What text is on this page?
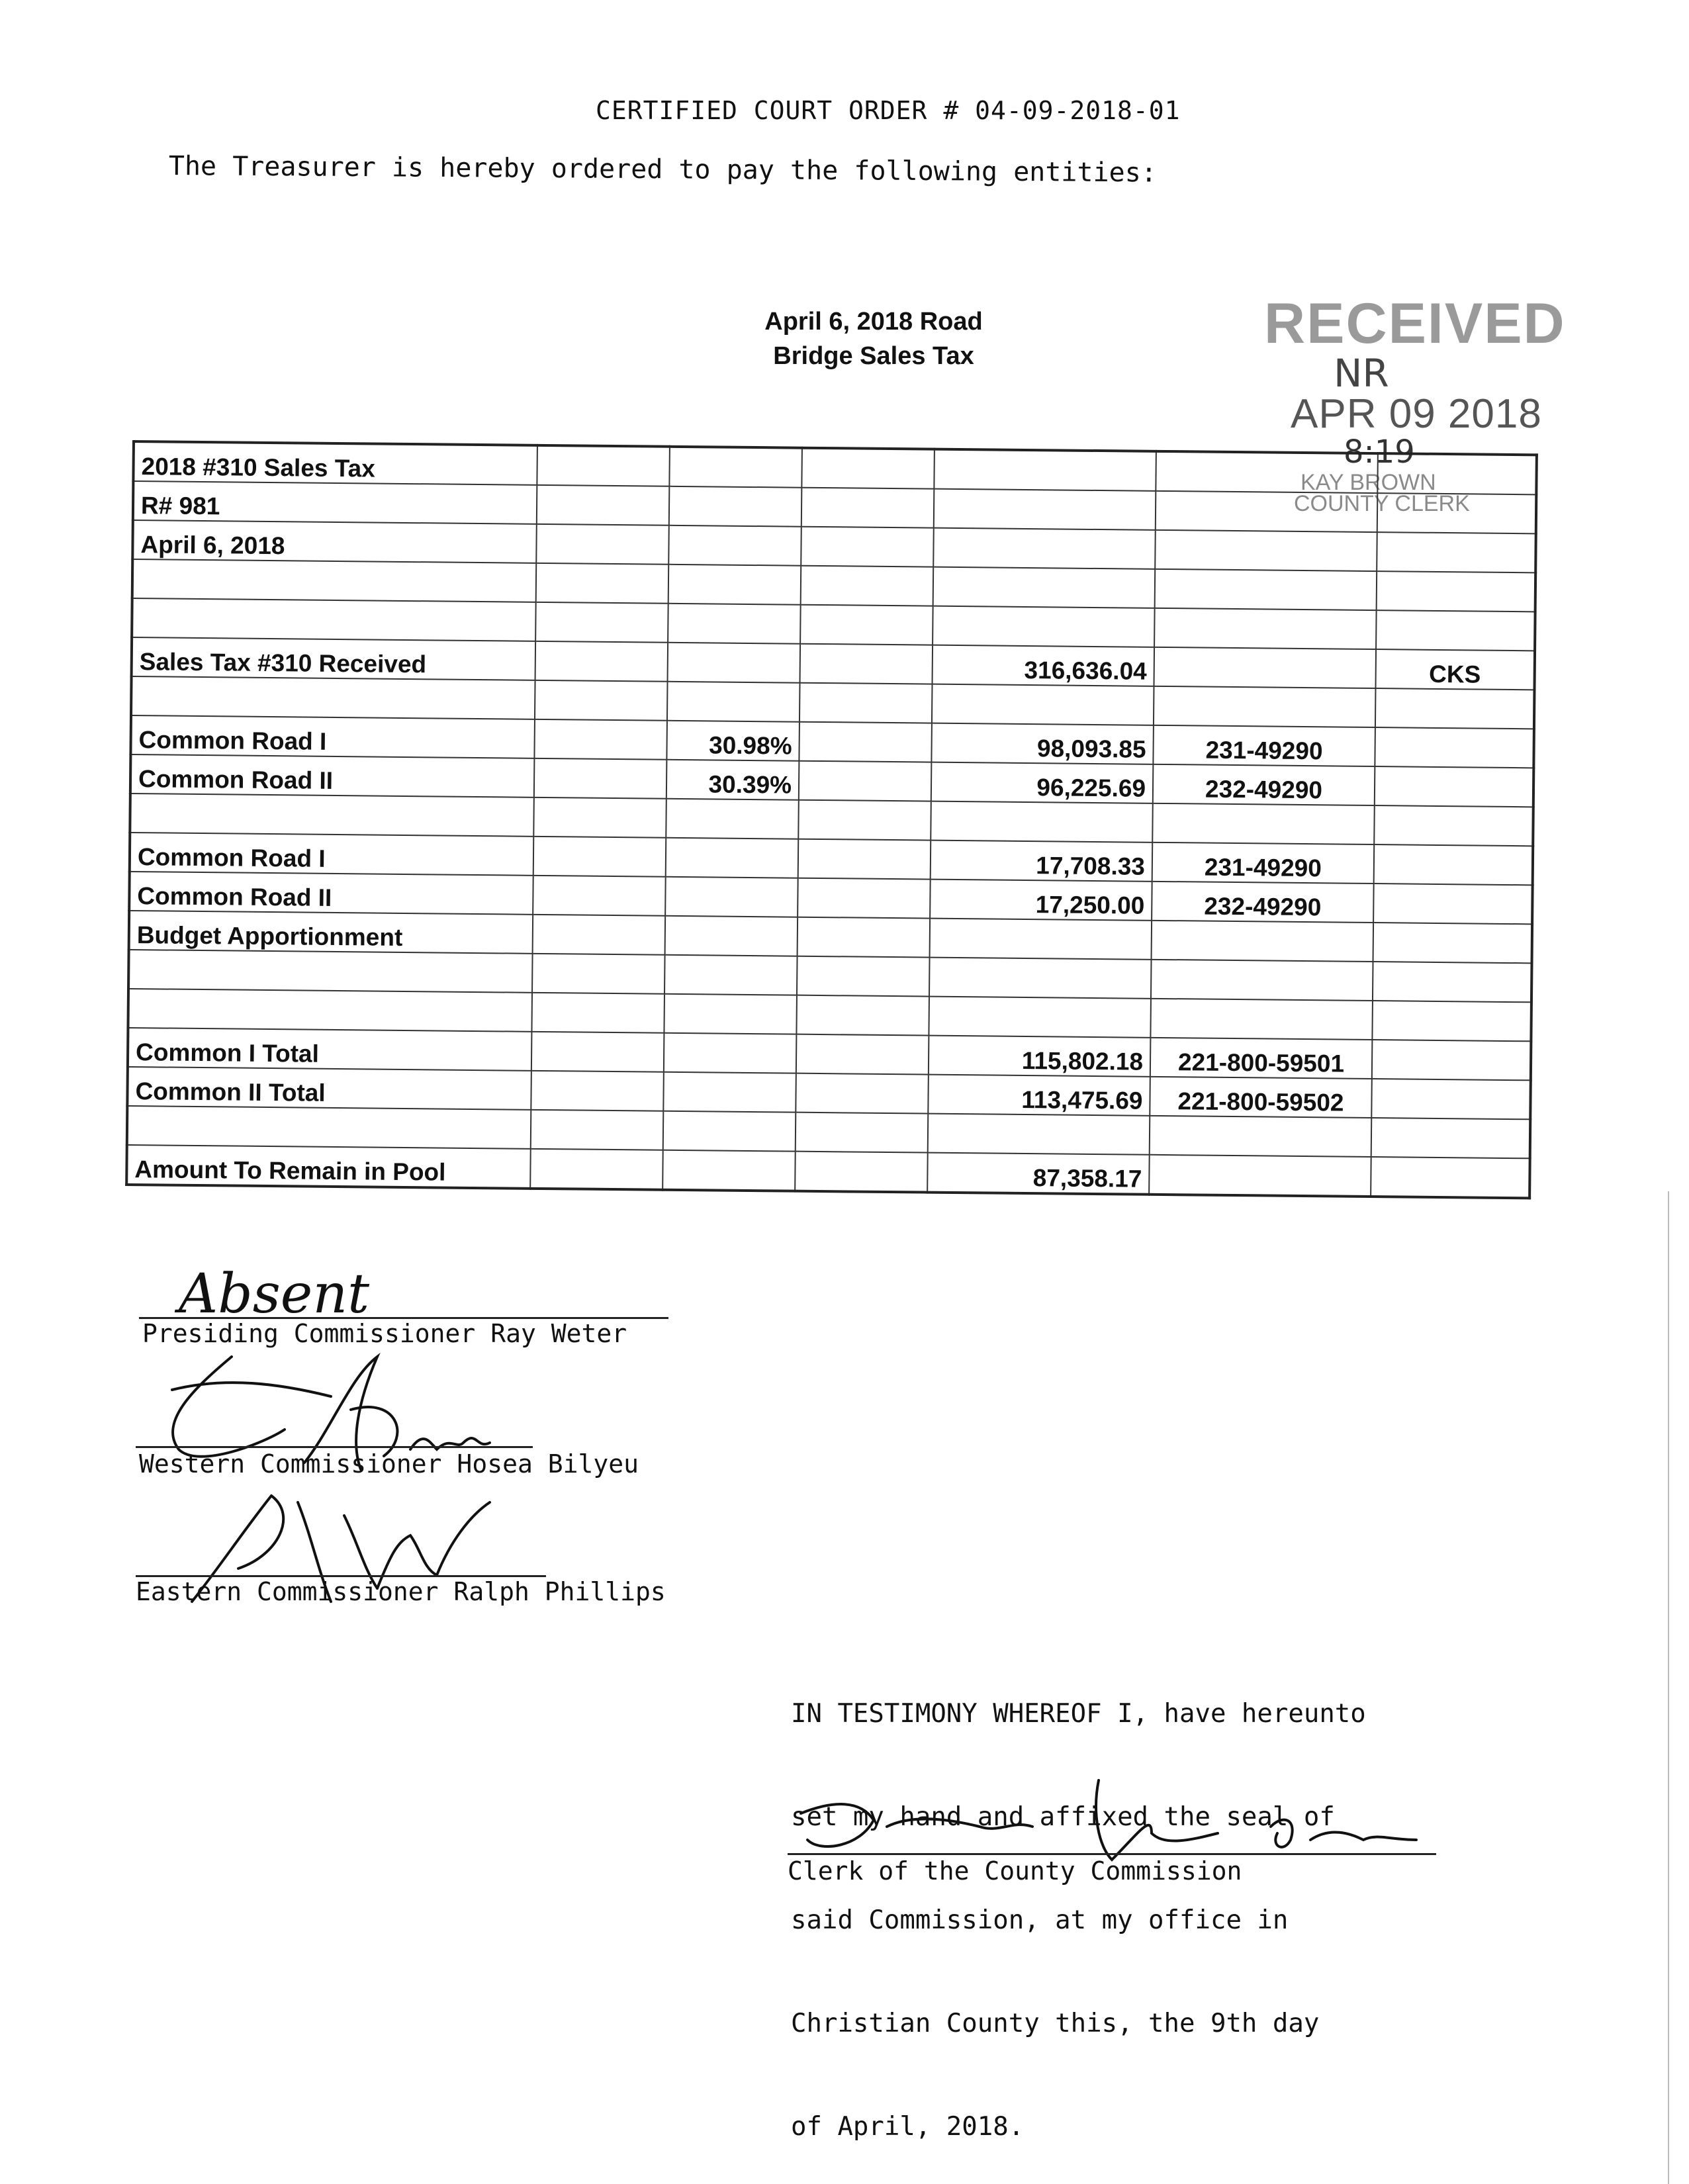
CERTIFIED COURT ORDER # 04-09-2018-01
The Treasurer is hereby ordered to pay the following entities:
April 6, 2018 Road
Bridge Sales Tax
RECEIVED
NR
APR 09 2018
8:19
KAY BROWN
COUNTY CLERK
2018 #310 Sales Tax						
R# 981						
April 6, 2018						

Sales Tax #310 Received				316,636.04		CKS

Common Road I		30.98%		98,093.85	231-49290	
Common Road II		30.39%		96,225.69	232-49290	

Common Road I				17,708.33	231-49290	
Common Road II				17,250.00	232-49290	
Budget Apportionment						

Common I Total				115,802.18	221-800-59501	
Common II Total				113,475.69	221-800-59502	

Amount To Remain in Pool				87,358.17		
Absent
Presiding Commissioner Ray Weter
Western Commissioner Hosea Bilyeu
Eastern Commissioner Ralph Phillips

IN TESTIMONY WHEREOF I, have hereunto

set my hand and affixed the seal of

said Commission, at my office in

Christian County this, the 9th day

of April, 2018.

Clerk of the County Commission
